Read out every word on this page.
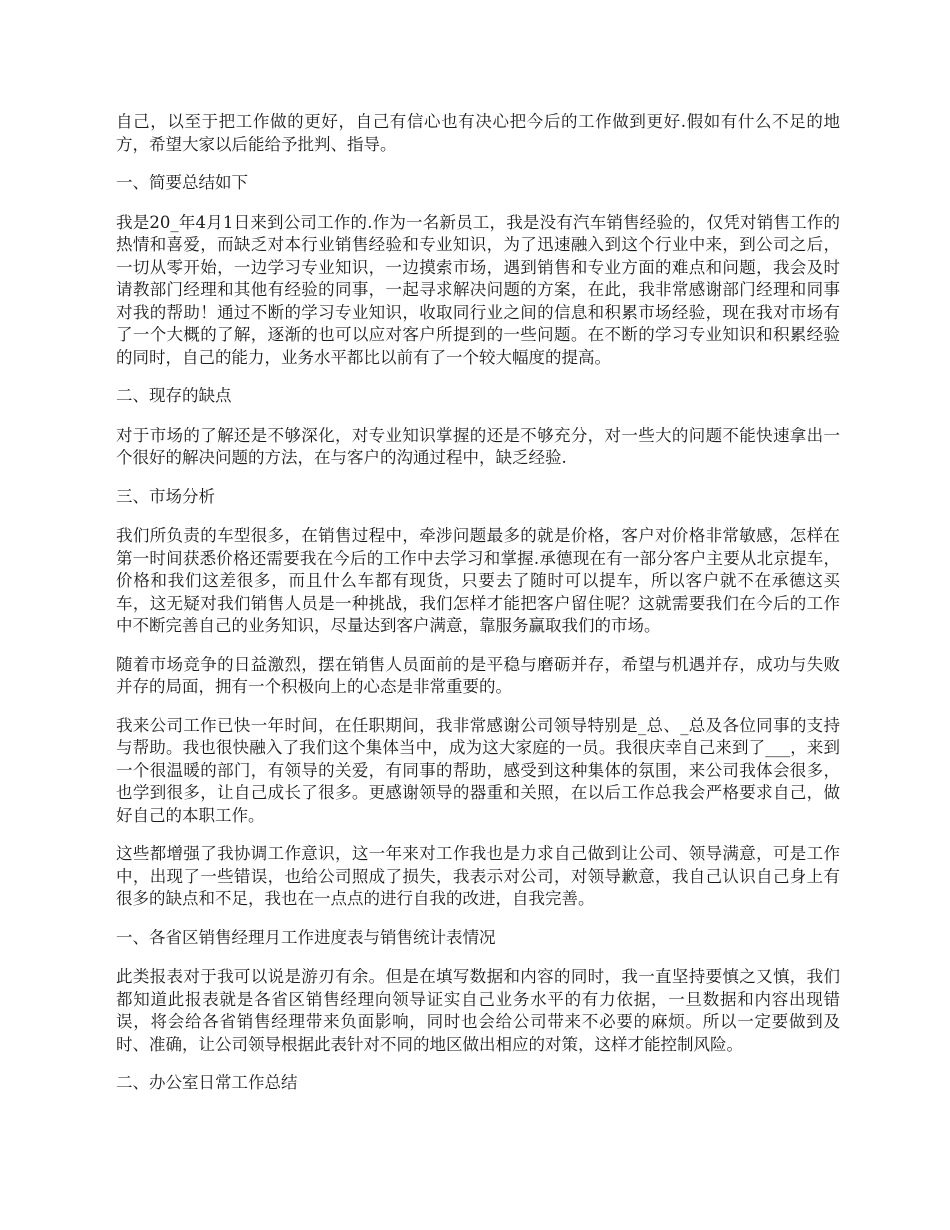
自己，以至于把工作做的更好，自己有信心也有决心把今后的工作做到更好.假如有什么不足的地方，希望大家以后能给予批判、指导。

一、简要总结如下

我是20_年4月1日来到公司工作的.作为一名新员工，我是没有汽车销售经验的，仅凭对销售工作的热情和喜爱，而缺乏对本行业销售经验和专业知识，为了迅速融入到这个行业中来，到公司之后，一切从零开始，一边学习专业知识，一边摸索市场，遇到销售和专业方面的难点和问题，我会及时请教部门经理和其他有经验的同事，一起寻求解决问题的方案，在此，我非常感谢部门经理和同事对我的帮助！通过不断的学习专业知识，收取同行业之间的信息和积累市场经验，现在我对市场有了一个大概的了解，逐渐的也可以应对客户所提到的一些问题。在不断的学习专业知识和积累经验的同时，自己的能力，业务水平都比以前有了一个较大幅度的提高。

二、现存的缺点

对于市场的了解还是不够深化，对专业知识掌握的还是不够充分，对一些大的问题不能快速拿出一个很好的解决问题的方法，在与客户的沟通过程中，缺乏经验.

三、市场分析

我们所负责的车型很多，在销售过程中，牵涉问题最多的就是价格，客户对价格非常敏感，怎样在第一时间获悉价格还需要我在今后的工作中去学习和掌握.承德现在有一部分客户主要从北京提车，价格和我们这差很多，而且什么车都有现货，只要去了随时可以提车，所以客户就不在承德这买车，这无疑对我们销售人员是一种挑战，我们怎样才能把客户留住呢？这就需要我们在今后的工作中不断完善自己的业务知识，尽量达到客户满意，靠服务赢取我们的市场。

随着市场竞争的日益激烈，摆在销售人员面前的是平稳与磨砺并存，希望与机遇并存，成功与失败并存的局面，拥有一个积极向上的心态是非常重要的。

我来公司工作已快一年时间，在任职期间，我非常感谢公司领导特别是_总、_总及各位同事的支持与帮助。我也很快融入了我们这个集体当中，成为这大家庭的一员。我很庆幸自己来到了___，来到一个很温暖的部门，有领导的关爱，有同事的帮助，感受到这种集体的氛围，来公司我体会很多，也学到很多，让自己成长了很多。更感谢领导的器重和关照，在以后工作总我会严格要求自己，做好自己的本职工作。

这些都增强了我协调工作意识，这一年来对工作我也是力求自己做到让公司、领导满意，可是工作中，出现了一些错误，也给公司照成了损失，我表示对公司，对领导歉意，我自己认识自己身上有很多的缺点和不足，我也在一点点的进行自我的改进，自我完善。

一、各省区销售经理月工作进度表与销售统计表情况

此类报表对于我可以说是游刃有余。但是在填写数据和内容的同时，我一直坚持要慎之又慎，我们都知道此报表就是各省区销售经理向领导证实自己业务水平的有力依据，一旦数据和内容出现错误，将会给各省销售经理带来负面影响，同时也会给公司带来不必要的麻烦。所以一定要做到及时、准确，让公司领导根据此表针对不同的地区做出相应的对策，这样才能控制风险。

二、办公室日常工作总结
